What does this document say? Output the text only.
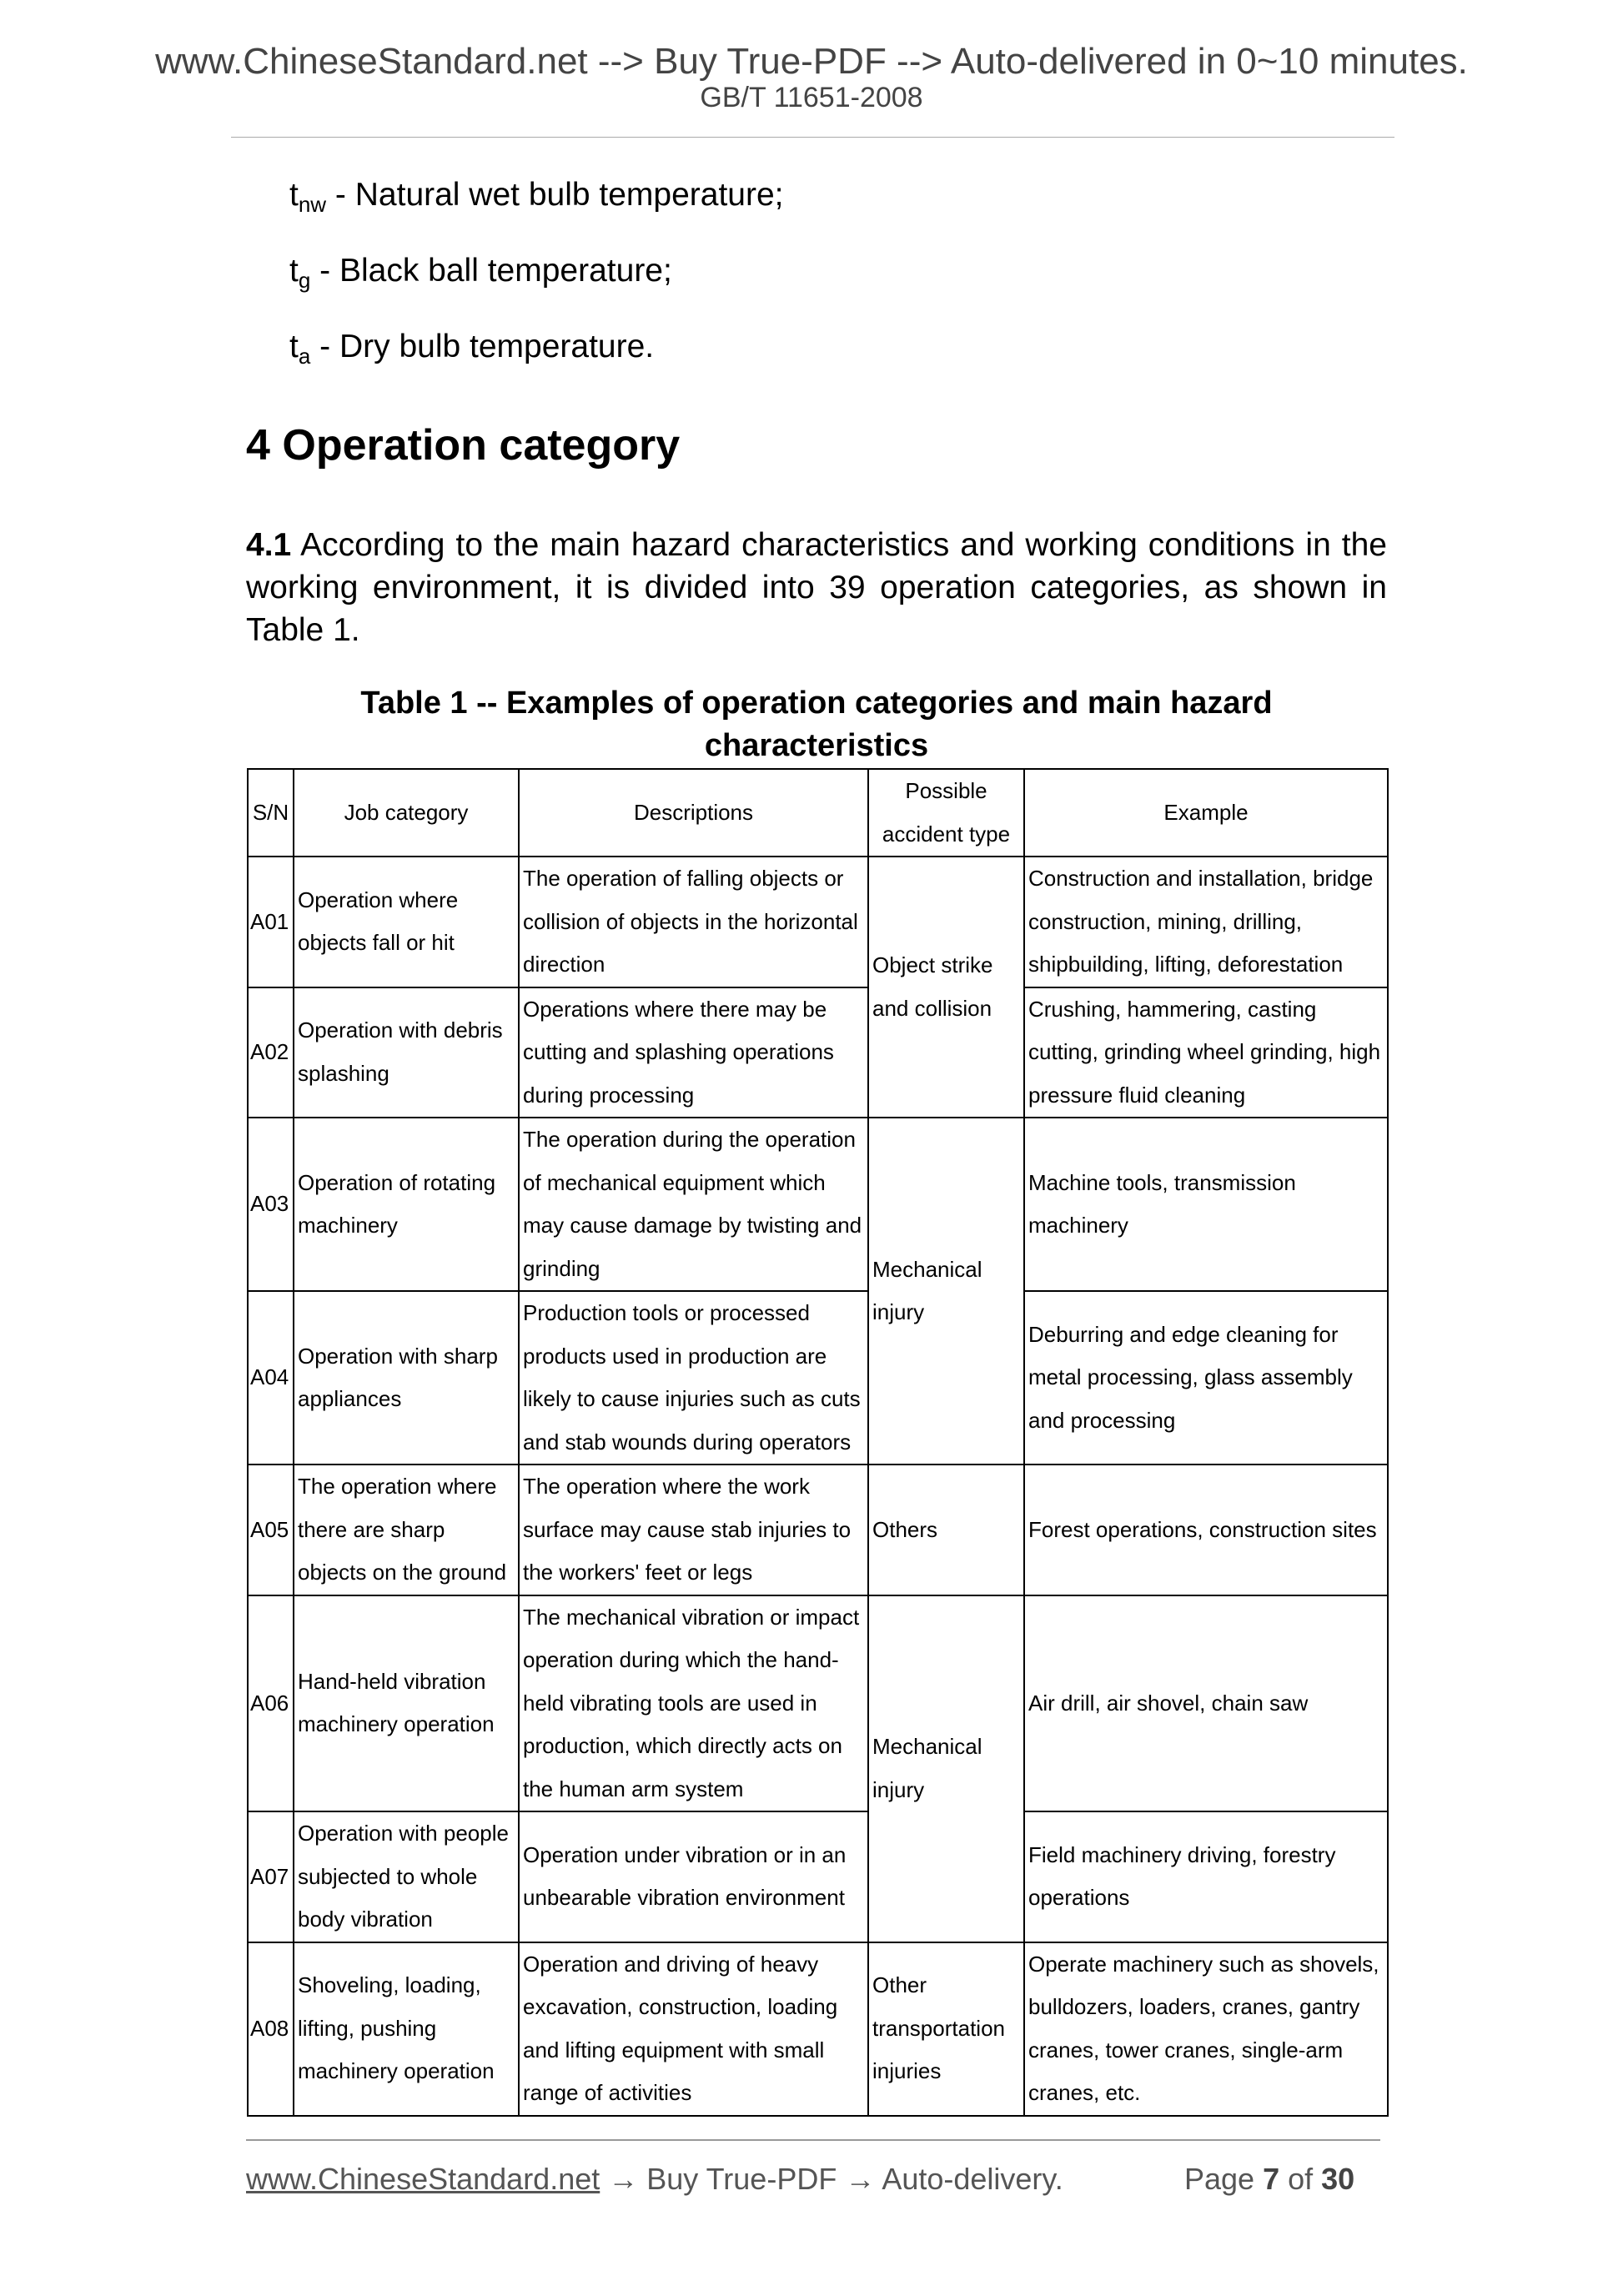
www.ChineseStandard.net --> Buy True-PDF --> Auto-delivered in 0~10 minutes.
GB/T 11651-2008
$t_{nw}$ - Natural wet bulb temperature;
$t_g$ - Black ball temperature;
$t_a$ - Dry bulb temperature.
4 Operation category

4.1 According to the main hazard characteristics and working conditions in the working environment, it is divided into 39 operation categories, as shown in Table 1.

Table 1 -- Examples of operation categories and main hazard characteristics

S/N	Job category	Descriptions	Possible accident type	Example
A01	Operation where objects fall or hit	The operation of falling objects or collision of objects in the horizontal direction	Object strike and collision	Construction and installation, bridge construction, mining, drilling, shipbuilding, lifting, deforestation
A02	Operation with debris splashing	Operations where there may be cutting and splashing operations during processing		Crushing, hammering, casting cutting, grinding wheel grinding, high pressure fluid cleaning
A03	Operation of rotating machinery	The operation during the operation of mechanical equipment which may cause damage by twisting and grinding	Mechanical injury	Machine tools, transmission machinery
A04	Operation with sharp appliances	Production tools or processed products used in production are likely to cause injuries such as cuts and stab wounds during operators		Deburring and edge cleaning for metal processing, glass assembly and processing
A05	The operation where there are sharp objects on the ground	The operation where the work surface may cause stab injuries to the workers' feet or legs	Others	Forest operations, construction sites
A06	Hand-held vibration machinery operation	The mechanical vibration or impact operation during which the hand-held vibrating tools are used in production, which directly acts on the human arm system	Mechanical injury	Air drill, air shovel, chain saw
A07	Operation with people subjected to whole body vibration	Operation under vibration or in an unbearable vibration environment		Field machinery driving, forestry operations
A08	Shoveling, loading, lifting, pushing machinery operation	Operation and driving of heavy excavation, construction, loading and lifting equipment with small range of activities	Other transportation injuries	Operate machinery such as shovels, bulldozers, loaders, cranes, gantry cranes, tower cranes, single-arm cranes, etc.
www.ChineseStandard.net → Buy True-PDF → Auto-delivery.	Page 7 of 30
